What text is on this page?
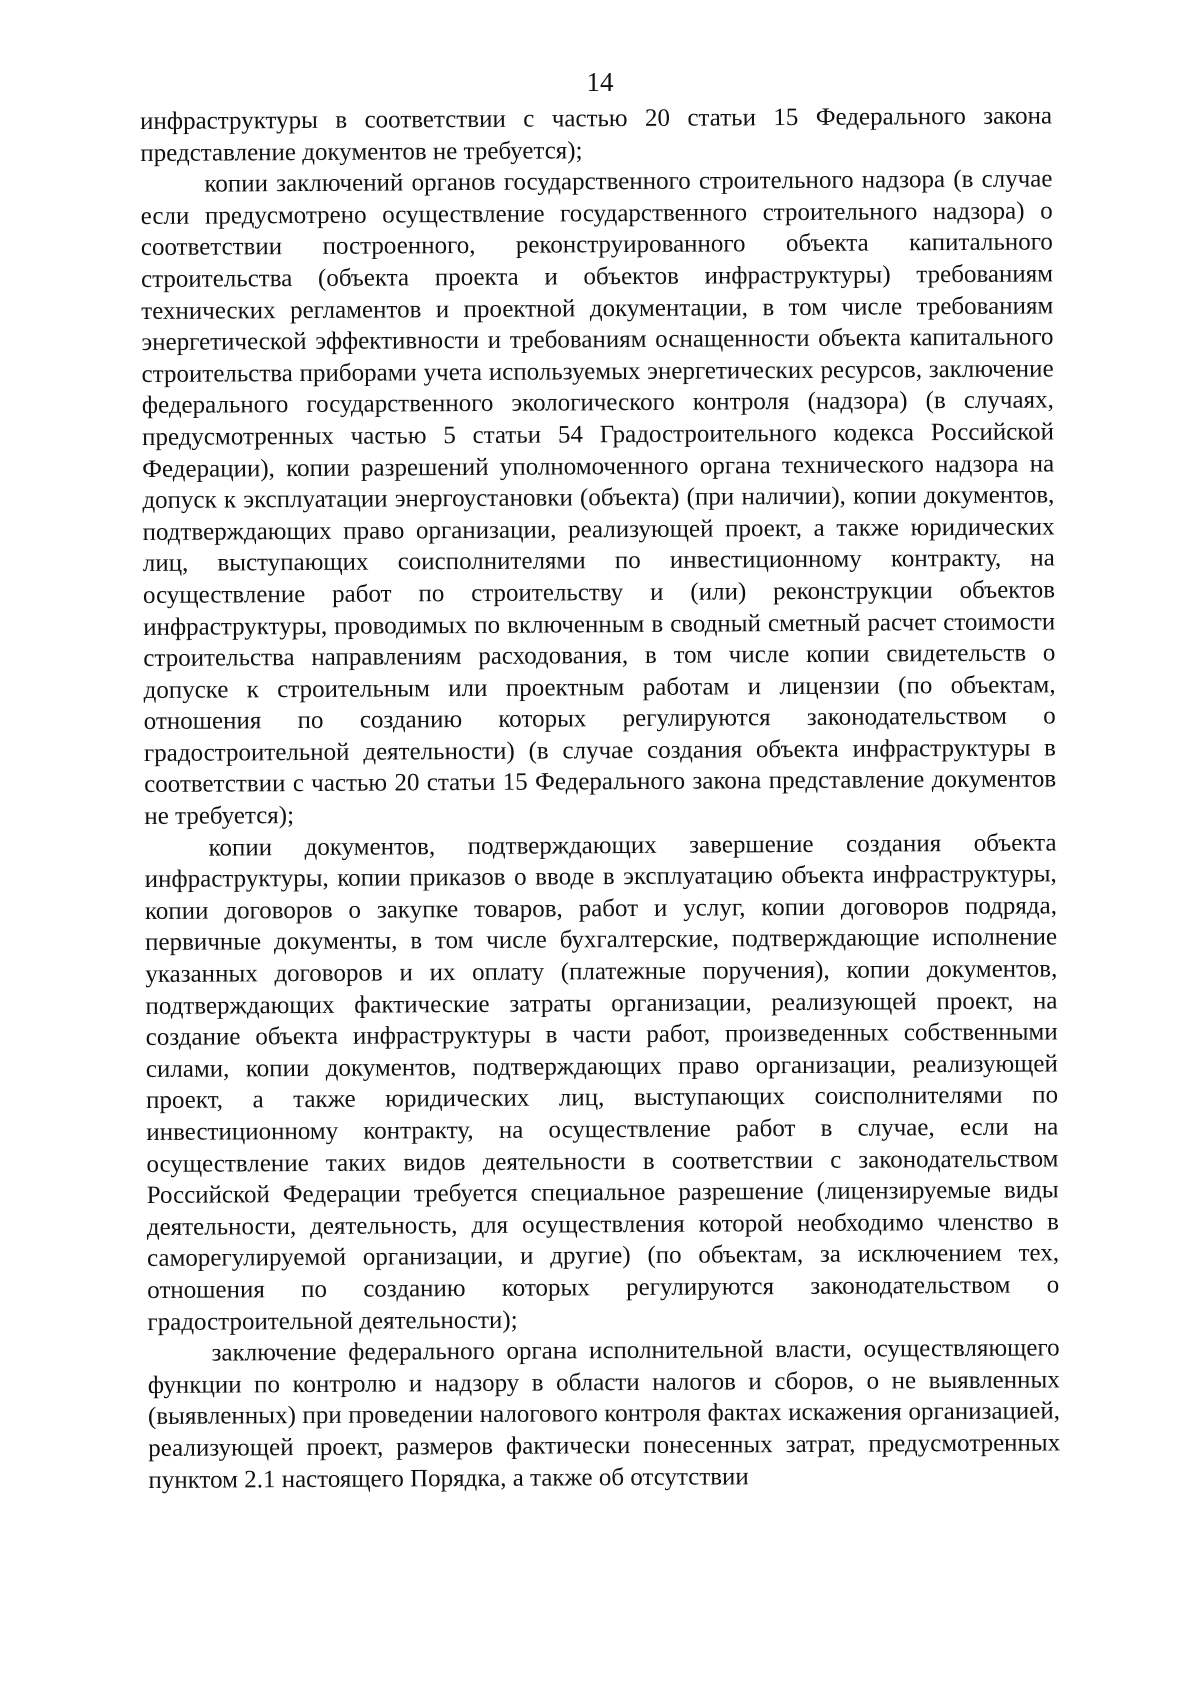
14

инфраструктуры в соответствии с частью 20 статьи 15 Федерального закона представление документов не требуется);

копии заключений органов государственного строительного надзора (в случае если предусмотрено осуществление государственного строительного надзора) о соответствии построенного, реконструированного объекта капитального строительства (объекта проекта и объектов инфраструктуры) требованиям технических регламентов и проектной документации, в том числе требованиям энергетической эффективности и требованиям оснащенности объекта капитального строительства приборами учета используемых энергетических ресурсов, заключение федерального государственного экологического контроля (надзора) (в случаях, предусмотренных частью 5 статьи 54 Градостроительного кодекса Российской Федерации), копии разрешений уполномоченного органа технического надзора на допуск к эксплуатации энергоустановки (объекта) (при наличии), копии документов, подтверждающих право организации, реализующей проект, а также юридических лиц, выступающих соисполнителями по инвестиционному контракту, на осуществление работ по строительству и (или) реконструкции объектов инфраструктуры, проводимых по включенным в сводный сметный расчет стоимости строительства направлениям расходования, в том числе копии свидетельств о допуске к строительным или проектным работам и лицензии (по объектам, отношения по созданию которых регулируются законодательством о градостроительной деятельности) (в случае создания объекта инфраструктуры в соответствии с частью 20 статьи 15 Федерального закона представление документов не требуется);

копии документов, подтверждающих завершение создания объекта инфраструктуры, копии приказов о вводе в эксплуатацию объекта инфраструктуры, копии договоров о закупке товаров, работ и услуг, копии договоров подряда, первичные документы, в том числе бухгалтерские, подтверждающие исполнение указанных договоров и их оплату (платежные поручения), копии документов, подтверждающих фактические затраты организации, реализующей проект, на создание объекта инфраструктуры в части работ, произведенных собственными силами, копии документов, подтверждающих право организации, реализующей проект, а также юридических лиц, выступающих соисполнителями по инвестиционному контракту, на осуществление работ в случае, если на осуществление таких видов деятельности в соответствии с законодательством Российской Федерации требуется специальное разрешение (лицензируемые виды деятельности, деятельность, для осуществления которой необходимо членство в саморегулируемой организации, и другие) (по объектам, за исключением тех, отношения по созданию которых регулируются законодательством о градостроительной деятельности);

заключение федерального органа исполнительной власти, осуществляющего функции по контролю и надзору в области налогов и сборов, о не выявленных (выявленных) при проведении налогового контроля фактах искажения организацией, реализующей проект, размеров фактически понесенных затрат, предусмотренных пунктом 2.1 настоящего Порядка, а также об отсутствии
